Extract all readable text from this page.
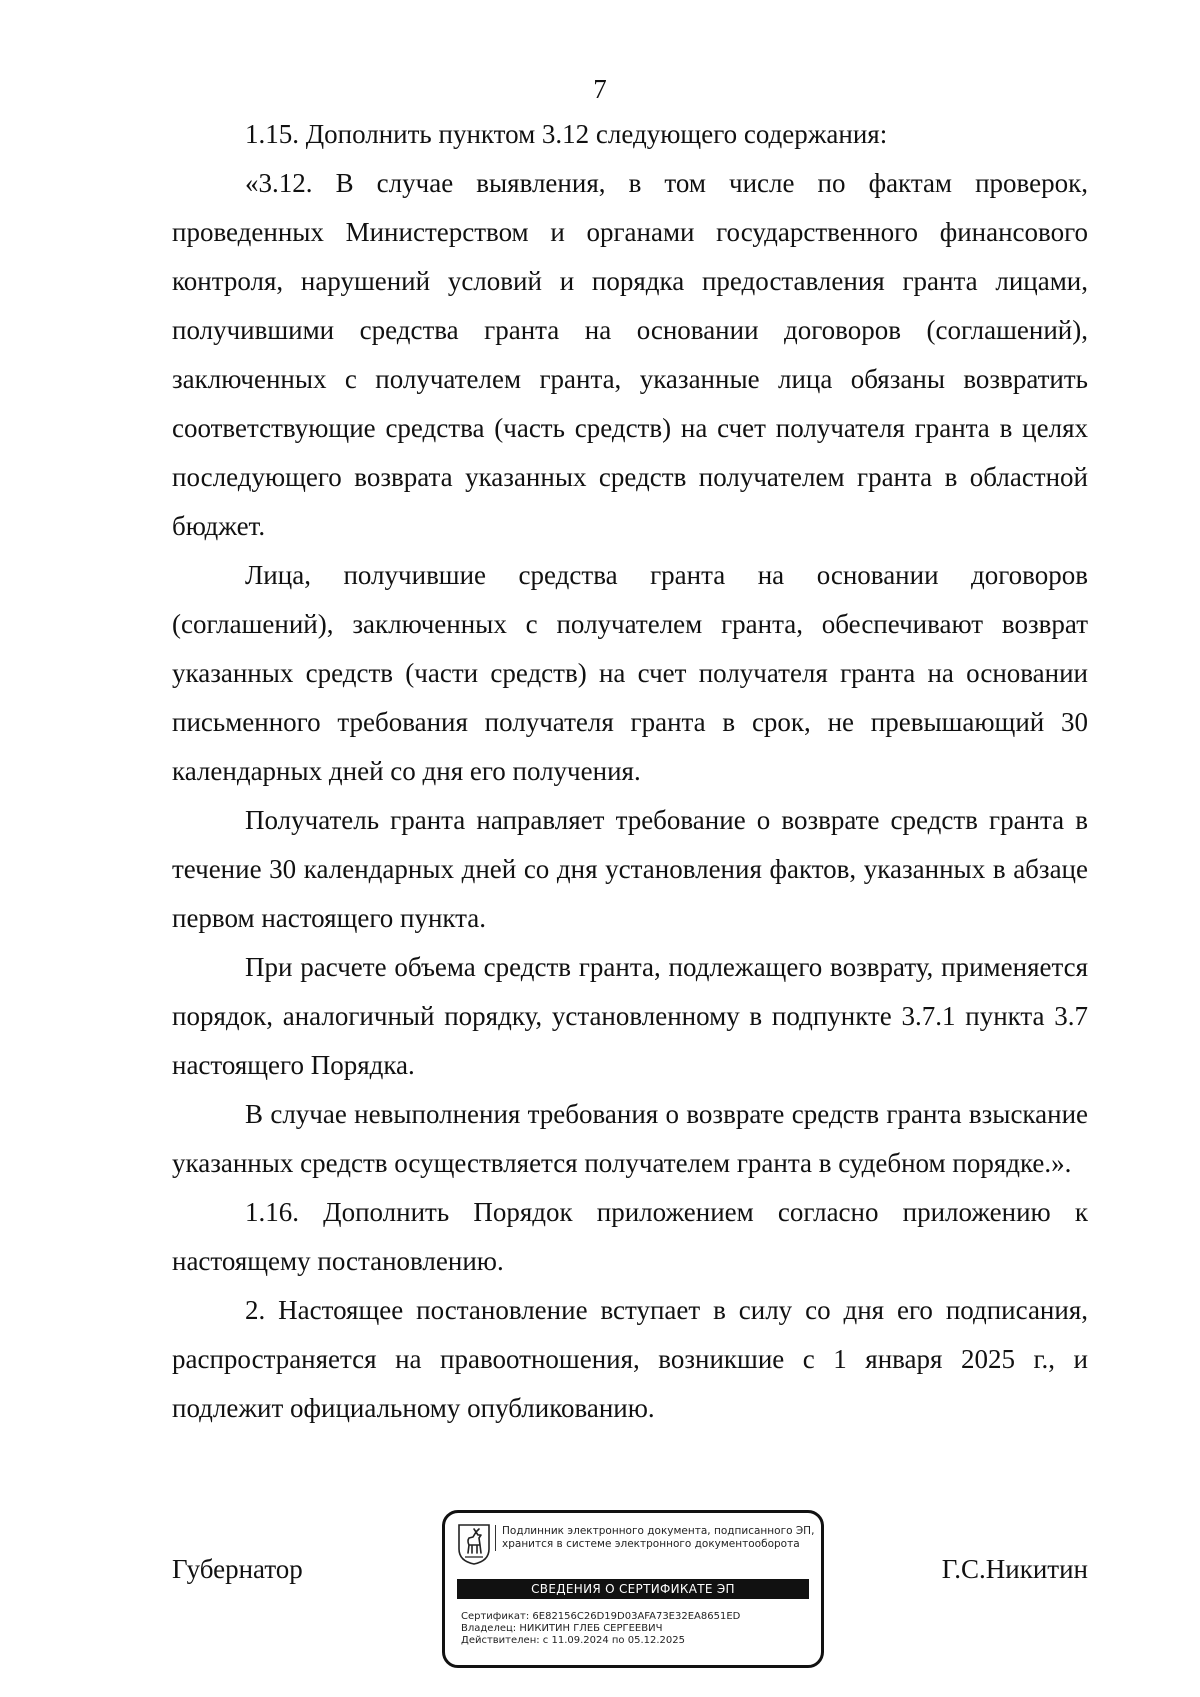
7

1.15. Дополнить пунктом 3.12 следующего содержания:

«3.12. В случае выявления, в том числе по фактам проверок, проведенных Министерством и органами государственного финансового контроля, нарушений условий и порядка предоставления гранта лицами, получившими средства гранта на основании договоров (соглашений), заключенных с получателем гранта, указанные лица обязаны возвратить соответствующие средства (часть средств) на счет получателя гранта в целях последующего возврата указанных средств получателем гранта в областной бюджет.

Лица, получившие средства гранта на основании договоров (соглашений), заключенных с получателем гранта, обеспечивают возврат указанных средств (части средств) на счет получателя гранта на основании письменного требования получателя гранта в срок, не превышающий 30 календарных дней со дня его получения.

Получатель гранта направляет требование о возврате средств гранта в течение 30 календарных дней со дня установления фактов, указанных в абзаце первом настоящего пункта.

При расчете объема средств гранта, подлежащего возврату, применяется порядок, аналогичный порядку, установленному в подпункте 3.7.1 пункта 3.7 настоящего Порядка.

В случае невыполнения требования о возврате средств гранта взыскание указанных средств осуществляется получателем гранта в судебном порядке.».

1.16. Дополнить Порядок приложением согласно приложению к настоящему постановлению.

2. Настоящее постановление вступает в силу со дня его подписания, распространяется на правоотношения, возникшие с 1 января 2025 г., и подлежит официальному опубликованию.

Губернатор
Подлинник электронного документа, подписанного ЭП,
хранится в системе электронного документооборота
СВЕДЕНИЯ О СЕРТИФИКАТЕ ЭП
Сертификат: 6E82156C26D19D03AFA73E32EA8651ED
Владелец: НИКИТИН ГЛЕБ СЕРГЕЕВИЧ
Действителен: с 11.09.2024 по 05.12.2025
Г.С.Никитин
